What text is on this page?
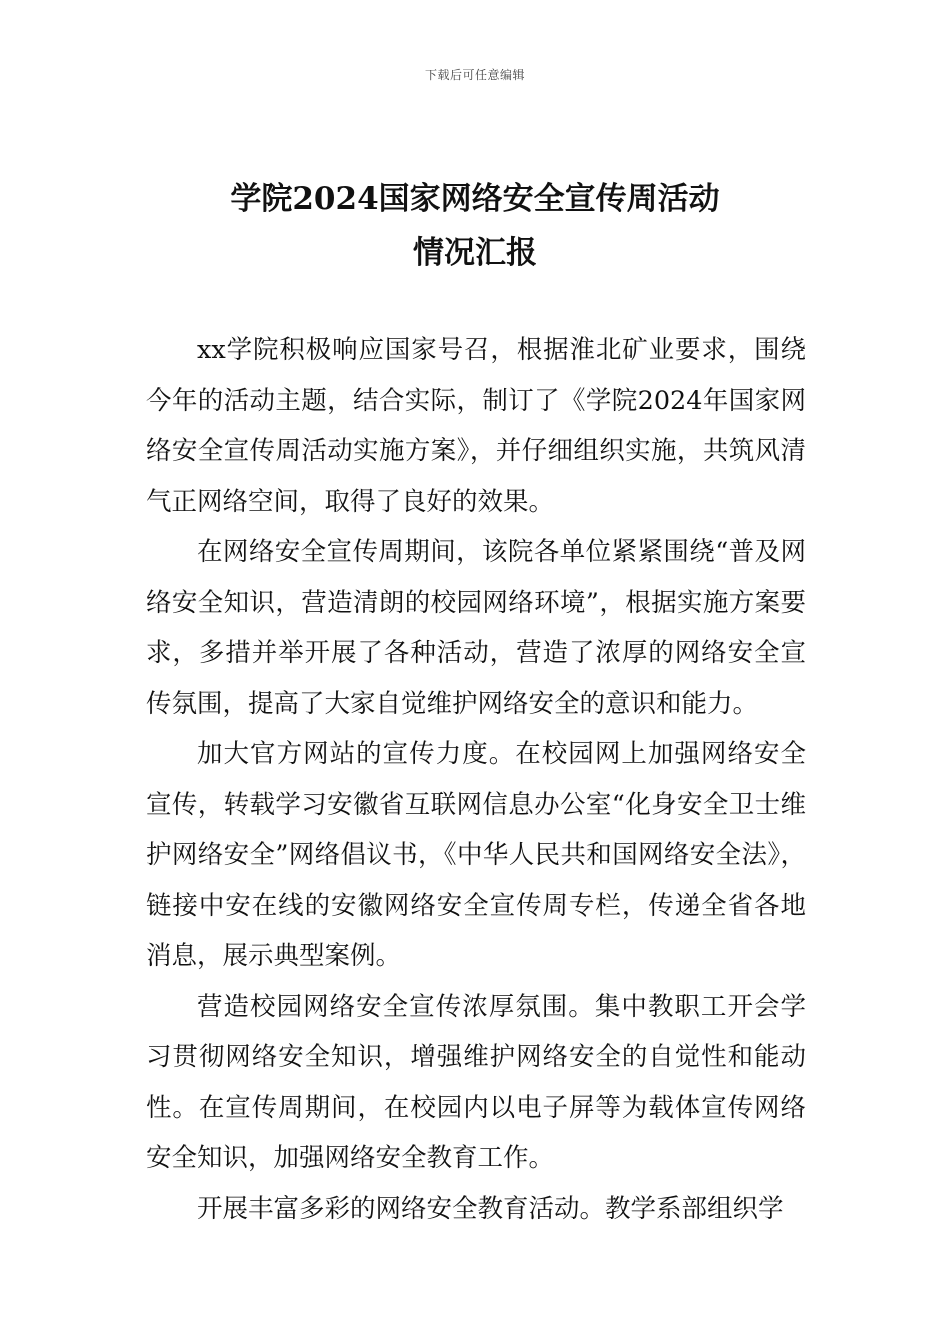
下载后可任意编辑
学院2024国家网络安全宣传周活动
情况汇报

xx学院积极响应国家号召，根据淮北矿业要求，围绕今年的活动主题，结合实际，制订了《学院2024年国家网络安全宣传周活动实施方案》，并仔细组织实施，共筑风清气正网络空间，取得了良好的效果。

在网络安全宣传周期间，该院各单位紧紧围绕“普及网络安全知识，营造清朗的校园网络环境”，根据实施方案要求，多措并举开展了各种活动，营造了浓厚的网络安全宣传氛围，提高了大家自觉维护网络安全的意识和能力。

加大官方网站的宣传力度。在校园网上加强网络安全宣传，转载学习安徽省互联网信息办公室“化身安全卫士维护网络安全”网络倡议书，《中华人民共和国网络安全法》，链接中安在线的安徽网络安全宣传周专栏，传递全省各地消息，展示典型案例。

营造校园网络安全宣传浓厚氛围。集中教职工开会学习贯彻网络安全知识，增强维护网络安全的自觉性和能动性。在宣传周期间，在校园内以电子屏等为载体宣传网络安全知识，加强网络安全教育工作。

开展丰富多彩的网络安全教育活动。教学系部组织学
